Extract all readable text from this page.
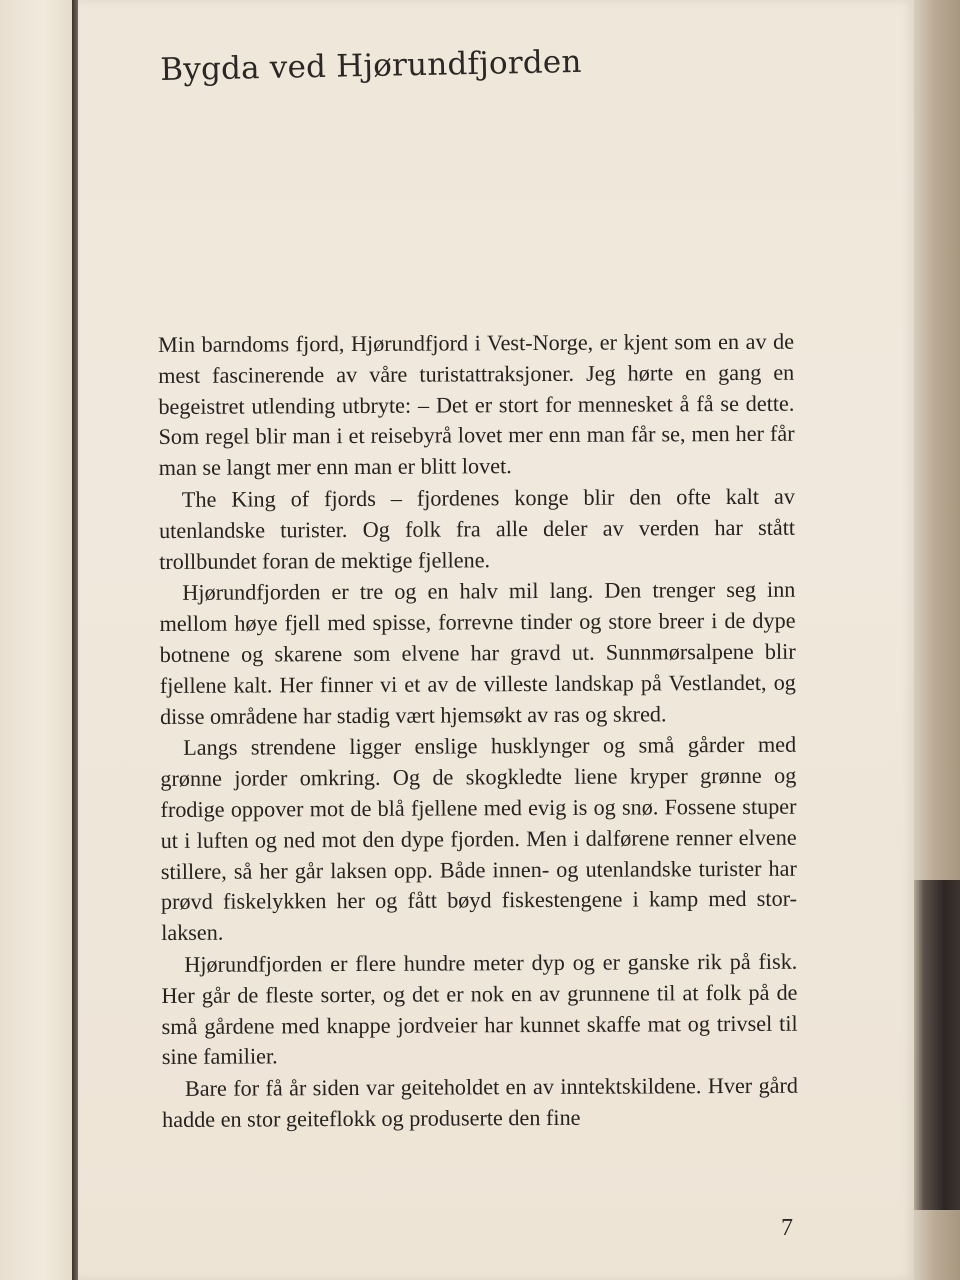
Bygda ved Hjørundfjorden

Min barndoms fjord, Hjørundfjord i Vest-Norge, er kjent som en av de mest fascinerende av våre turistattraksjoner. Jeg hørte en gang en begeistret utlending utbryte: – Det er stort for mennesket å få se dette. Som regel blir man i et reisebyrå lovet mer enn man får se, men her får man se langt mer enn man er blitt lovet.

The King of fjords – fjordenes konge blir den ofte kalt av utenlandske turister. Og folk fra alle deler av verden har stått trollbundet foran de mektige fjellene.

Hjørundfjorden er tre og en halv mil lang. Den trenger seg inn mellom høye fjell med spisse, forrevne tinder og store breer i de dype botnene og skarene som elvene har gravd ut. Sunnmørsalpene blir fjellene kalt. Her finner vi et av de villeste landskap på Vestlandet, og disse områdene har stadig vært hjemsøkt av ras og skred.

Langs strendene ligger enslige husklynger og små gårder med grønne jorder omkring. Og de skogkledte liene kryper grønne og frodige oppover mot de blå fjellene med evig is og snø. Fossene stuper ut i luften og ned mot den dype fjorden. Men i dalførene renner elvene stillere, så her går laksen opp. Både innen- og utenlandske turister har prøvd fiskelykken her og fått bøyd fiskestengene i kamp med stor-laksen.

Hjørundfjorden er flere hundre meter dyp og er ganske rik på fisk. Her går de fleste sorter, og det er nok en av grunnene til at folk på de små gårdene med knappe jordveier har kunnet skaffe mat og trivsel til sine familier.

Bare for få år siden var geiteholdet en av inntektskildene. Hver gård hadde en stor geiteflokk og produserte den fine

7
